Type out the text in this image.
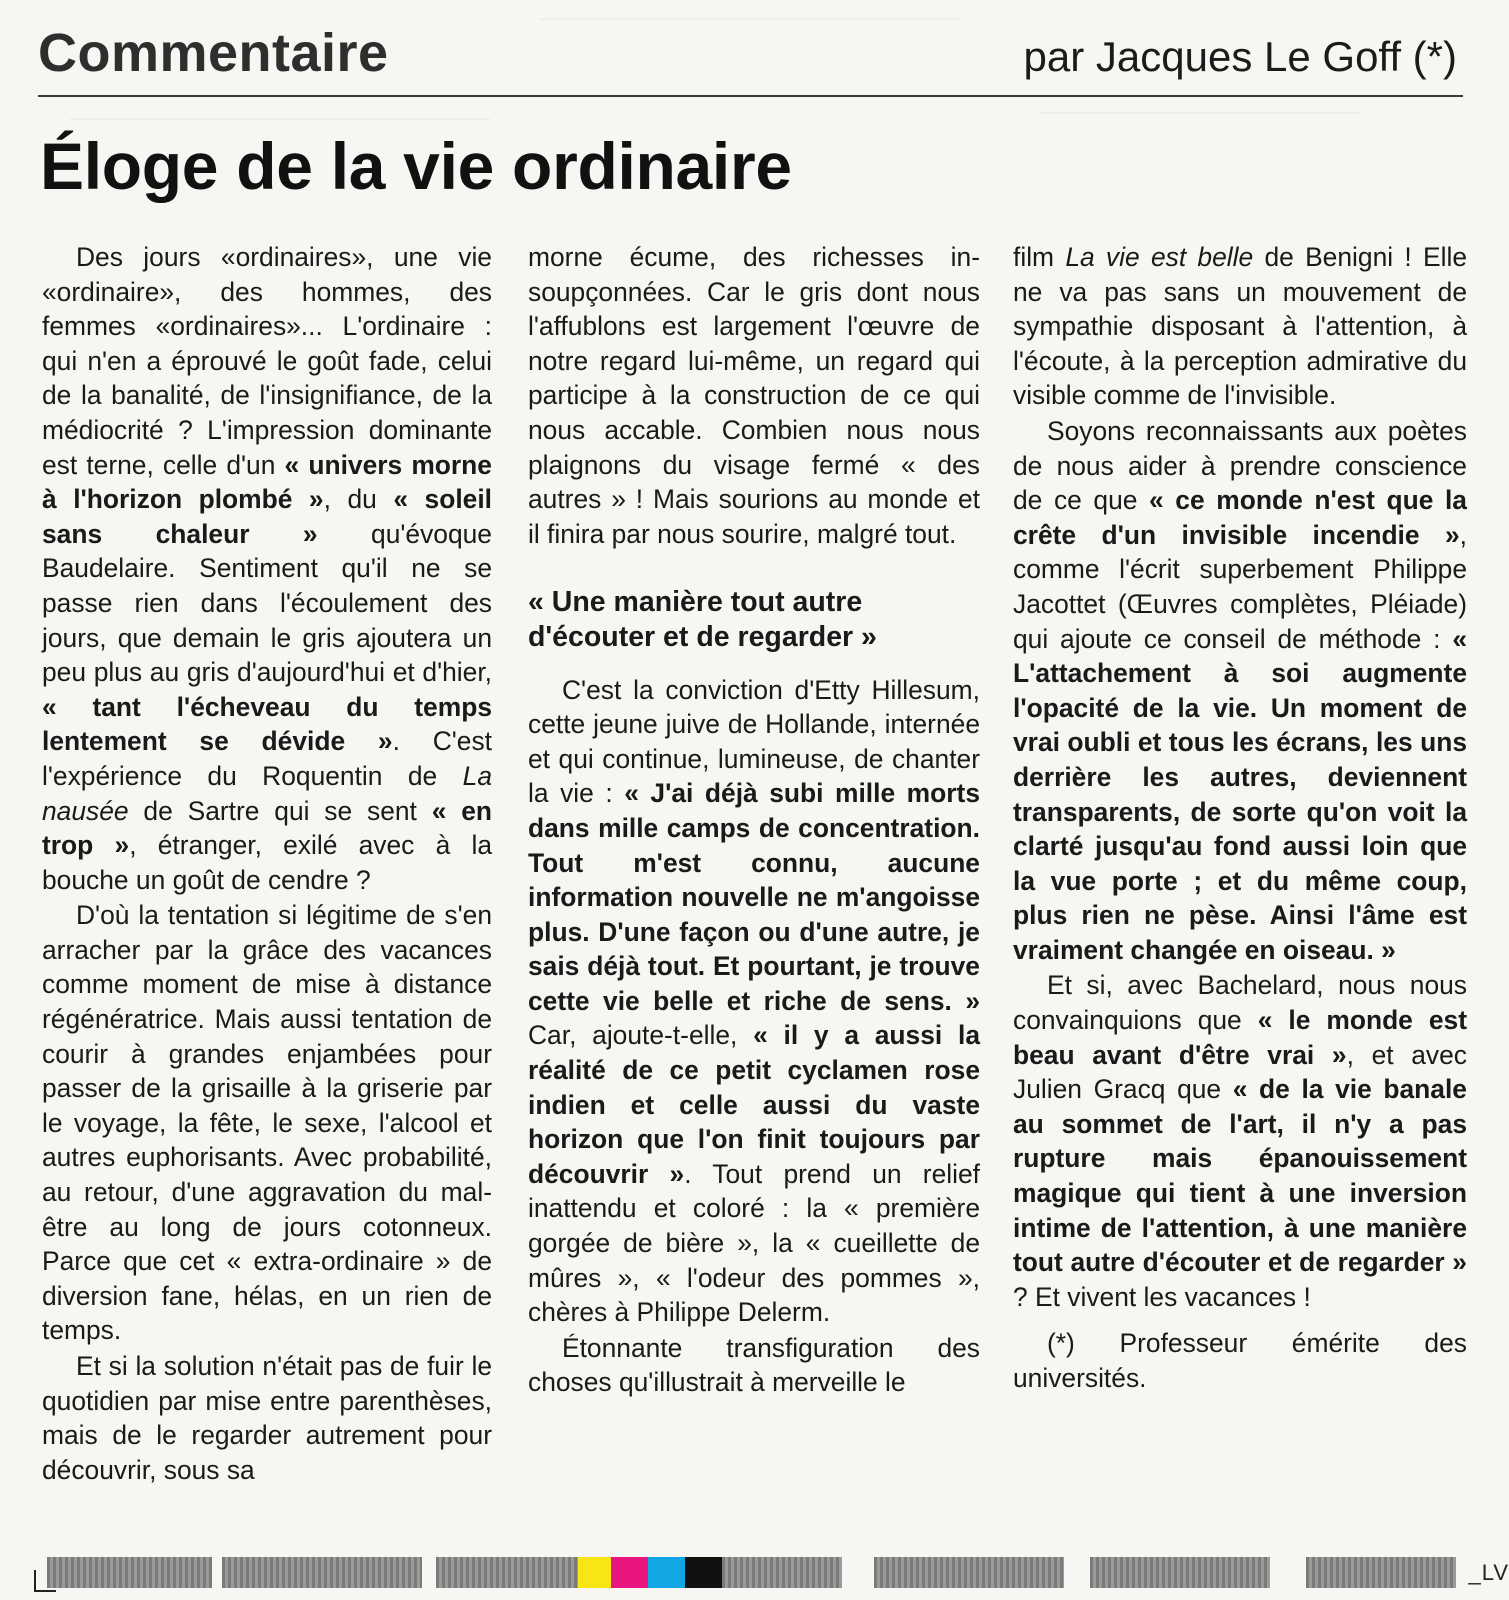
Commentaire	par Jacques Le Goff (*)
Éloge de la vie ordinaire

Des jours «ordinaires», une vie «ordinaire», des hommes, des femmes «ordinaires»... L'ordinaire : qui n'en a éprouvé le goût fade, celui de la banalité, de l'insignifiance, de la médiocrité ? L'impression dominante est terne, celle d'un « univers morne à l'horizon plombé », du « soleil sans chaleur » qu'évoque Baudelaire. Sentiment qu'il ne se passe rien dans l'écoulement des jours, que demain le gris ajoutera un peu plus au gris d'aujourd'hui et d'hier, « tant l'écheveau du temps lentement se dévide ». C'est l'expérience du Roquentin de La nausée de Sartre qui se sent « en trop », étranger, exilé avec à la bouche un goût de cendre ?

D'où la tentation si légitime de s'en arracher par la grâce des vacances comme moment de mise à distance régénératrice. Mais aussi tentation de courir à grandes enjambées pour passer de la grisaille à la griserie par le voyage, la fête, le sexe, l'alcool et autres euphorisants. Avec probabilité, au retour, d'une aggravation du mal-être au long de jours cotonneux. Parce que cet « extra-ordinaire » de diversion fane, hélas, en un rien de temps.

Et si la solution n'était pas de fuir le quotidien par mise entre parenthèses, mais de le regarder autrement pour découvrir, sous sa

morne écume, des richesses insoupçonnées. Car le gris dont nous l'affublons est largement l'œuvre de notre regard lui-même, un regard qui participe à la construction de ce qui nous accable. Combien nous nous plaignons du visage fermé « des autres » ! Mais sourions au monde et il finira par nous sourire, malgré tout.

« Une manière tout autre d'écouter et de regarder »

C'est la conviction d'Etty Hillesum, cette jeune juive de Hollande, internée et qui continue, lumineuse, de chanter la vie : « J'ai déjà subi mille morts dans mille camps de concentration. Tout m'est connu, aucune information nouvelle ne m'angoisse plus. D'une façon ou d'une autre, je sais déjà tout. Et pourtant, je trouve cette vie belle et riche de sens. » Car, ajoute-t-elle, « il y a aussi la réalité de ce petit cyclamen rose indien et celle aussi du vaste horizon que l'on finit toujours par découvrir ». Tout prend un relief inattendu et coloré : la « première gorgée de bière », la « cueillette de mûres », « l'odeur des pommes », chères à Philippe Delerm.

Étonnante transfiguration des choses qu'illustrait à merveille le

film La vie est belle de Benigni ! Elle ne va pas sans un mouvement de sympathie disposant à l'attention, à l'écoute, à la perception admirative du visible comme de l'invisible.

Soyons reconnaissants aux poètes de nous aider à prendre conscience de ce que « ce monde n'est que la crête d'un invisible incendie », comme l'écrit superbement Philippe Jacottet (Œuvres complètes, Pléiade) qui ajoute ce conseil de méthode : « L'attachement à soi augmente l'opacité de la vie. Un moment de vrai oubli et tous les écrans, les uns derrière les autres, deviennent transparents, de sorte qu'on voit la clarté jusqu'au fond aussi loin que la vue porte ; et du même coup, plus rien ne pèse. Ainsi l'âme est vraiment changée en oiseau. »

Et si, avec Bachelard, nous nous convainquions que « le monde est beau avant d'être vrai », et avec Julien Gracq que « de la vie banale au sommet de l'art, il n'y a pas rupture mais épanouissement magique qui tient à une inversion intime de l'attention, à une manière tout autre d'écouter et de regarder » ? Et vivent les vacances !

(*) Professeur émérite des universités.

_LV
